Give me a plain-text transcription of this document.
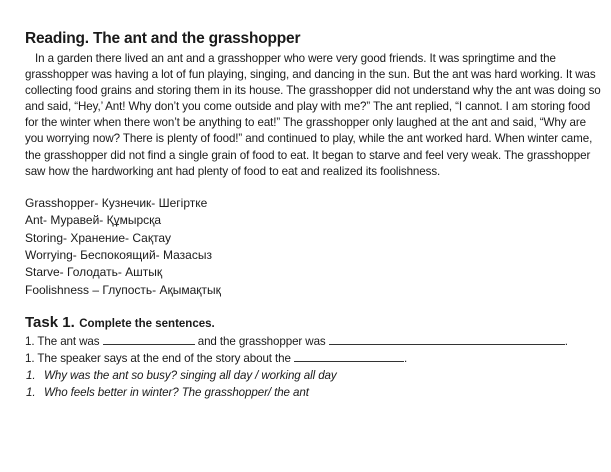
Reading. The ant and the grasshopper

In a garden there lived an ant and a grasshopper who were very good friends. It was springtime and the grasshopper was having a lot of fun playing, singing, and dancing in the sun. But the ant was hard working. It was collecting food grains and storing them in its house. The grasshopper did not understand why the ant was doing so and said, “Hey,’ Ant! Why don’t you come outside and play with me?” The ant replied, “I cannot. I am storing food for the winter when there won’t be anything to eat!” The grasshopper only laughed at the ant and said, “Why are you worrying now? There is plenty of food!” and continued to play, while the ant worked hard. When winter came, the grasshopper did not find a single grain of food to eat. It began to starve and feel very weak. The grasshopper saw how the hardworking ant had plenty of food to eat and realized its foolishness.

Grasshopper- Кузнечик- Шегіртке
Ant- Муравей- Құмырсқа
Storing- Хранение- Сақтау
Worrying- Беспокоящий- Мазасыз
Starve- Голодать- Аштық
Foolishness – Глупость- Ақымақтық
Task 1. Complete the sentences.
1. The ant was	and the grasshopper was	.
1. The speaker says at the end of the story about the	.
1. Why was the ant so busy? singing all day / working all day
1. Who feels better in winter? The grasshopper/ the ant
